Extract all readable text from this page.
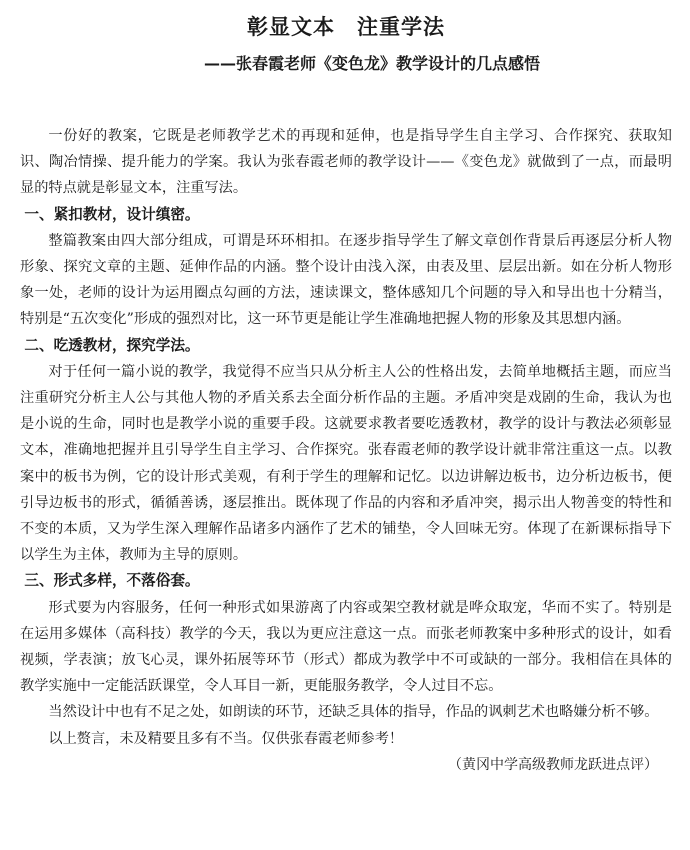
彰显文本　注重学法
——张春霞老师《变色龙》教学设计的几点感悟

一份好的教案，它既是老师教学艺术的再现和延伸，也是指导学生自主学习、合作探究、获取知识、陶冶情操、提升能力的学案。我认为张春霞老师的教学设计——《变色龙》就做到了一点，而最明显的特点就是彰显文本，注重写法。

一、紧扣教材，设计缜密。

整篇教案由四大部分组成，可谓是环环相扣。在逐步指导学生了解文章创作背景后再逐层分析人物形象、探究文章的主题、延伸作品的内涵。整个设计由浅入深，由表及里、层层出新。如在分析人物形象一处，老师的设计为运用圈点勾画的方法，速读课文，整体感知几个问题的导入和导出也十分精当，特别是“五次变化”形成的强烈对比，这一环节更是能让学生准确地把握人物的形象及其思想内涵。

二、吃透教材，探究学法。

对于任何一篇小说的教学，我觉得不应当只从分析主人公的性格出发，去简单地概括主题，而应当注重研究分析主人公与其他人物的矛盾关系去全面分析作品的主题。矛盾冲突是戏剧的生命，我认为也是小说的生命，同时也是教学小说的重要手段。这就要求教者要吃透教材，教学的设计与教法必须彰显文本，准确地把握并且引导学生自主学习、合作探究。张春霞老师的教学设计就非常注重这一点。以教案中的板书为例，它的设计形式美观，有利于学生的理解和记忆。以边讲解边板书，边分析边板书，便引导边板书的形式，循循善诱，逐层推出。既体现了作品的内容和矛盾冲突，揭示出人物善变的特性和不变的本质，又为学生深入理解作品诸多内涵作了艺术的铺垫，令人回味无穷。体现了在新课标指导下以学生为主体，教师为主导的原则。

三、形式多样，不落俗套。

形式要为内容服务，任何一种形式如果游离了内容或架空教材就是哗众取宠，华而不实了。特别是在运用多媒体（高科技）教学的今天，我以为更应注意这一点。而张老师教案中多种形式的设计，如看视频，学表演；放飞心灵，课外拓展等环节（形式）都成为教学中不可或缺的一部分。我相信在具体的教学实施中一定能活跃课堂，令人耳目一新，更能服务教学，令人过目不忘。

当然设计中也有不足之处，如朗读的环节，还缺乏具体的指导，作品的讽刺艺术也略嫌分析不够。

以上赘言，未及精要且多有不当。仅供张春霞老师参考！

（黄冈中学高级教师龙跃进点评）
